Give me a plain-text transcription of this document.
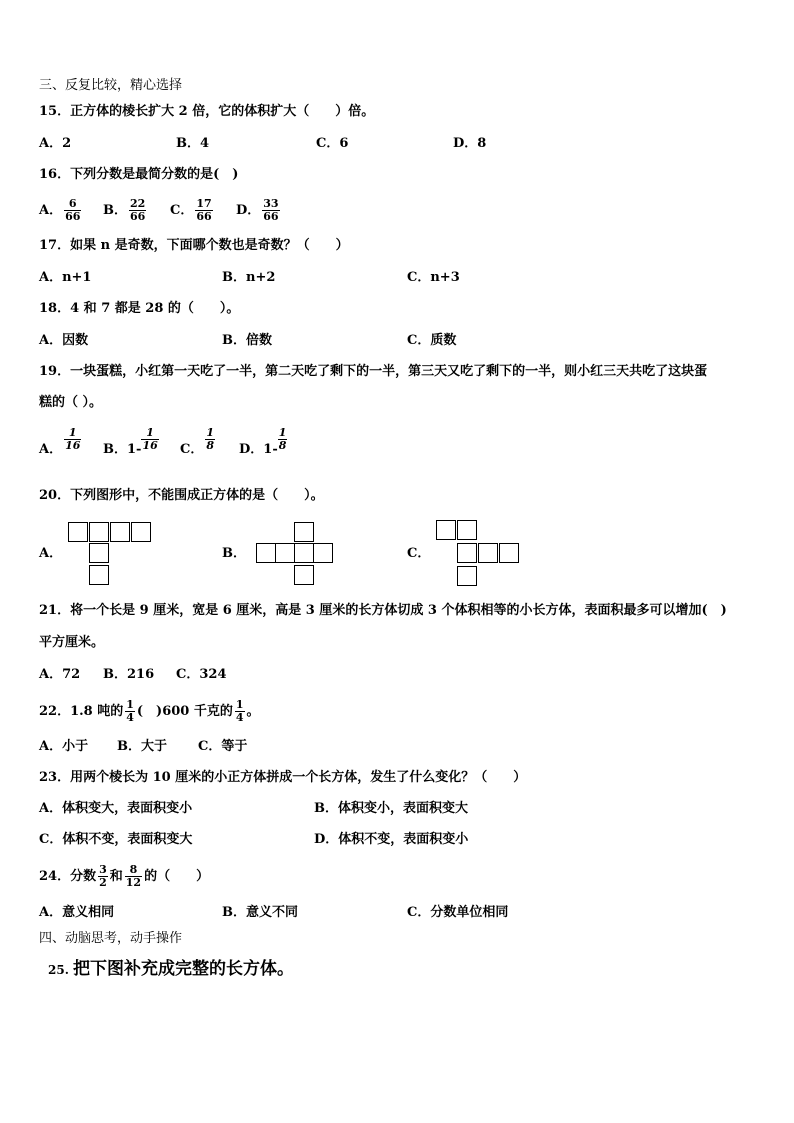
三、反复比较，精心选择
15．正方体的棱长扩大 2 倍，它的体积扩大（　　）倍。
A．2	B．4	C．6	D．8
16．下列分数是最简分数的是(　)
A． $\frac{6}{66}$ B． $\frac{22}{66}$ C． $\frac{17}{66}$ D． $\frac{33}{66}$
17．如果 n 是奇数，下面哪个数也是奇数？（　　）
A．n+1	B．n+2	C．n+3
18．4 和 7 都是 28 的（　　）。
A．因数	B．倍数	C．质数
19．一块蛋糕，小红第一天吃了一半，第二天吃了剩下的一半，第三天又吃了剩下的一半，则小红三天共吃了这块蛋
糕的（ ）。
A． $\frac{1}{16}$ B．$1- \frac{1}{16}$ C． $\frac{1}{8}$ D．$1- \frac{1}{8}$
20．下列图形中，不能围成正方体的是（　　）。
A．	B．	C．
21．将一个长是 9 厘米，宽是 6 厘米，高是 3 厘米的长方体切成 3 个体积相等的小长方体，表面积最多可以增加(　)
平方厘米。
A．72 B．216 C．324
22．1.8 吨的 $\frac{1}{4}$ (　)600 千克的 $\frac{1}{4}$ 。
A．小于 B．大于 C．等于
23．用两个棱长为 10 厘米的小正方体拼成一个长方体，发生了什么变化？（　　）
A．体积变大，表面积变小	B．体积变小，表面积变大
C．体积不变，表面积变大	D．体积不变，表面积变小
24．分数 $\frac{3}{2}$ 和 $\frac{8}{12}$ 的（　　）
A．意义相同	B．意义不同	C．分数单位相同
四、动脑思考，动手操作
25. 把下图补充成完整的长方体。
